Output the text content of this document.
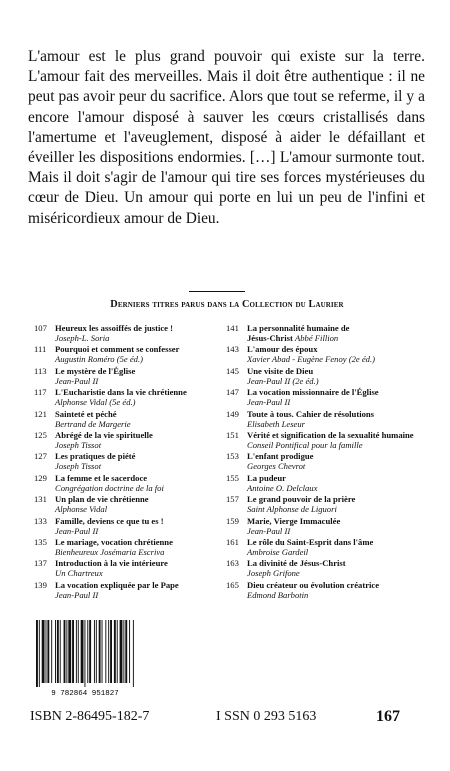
L'amour est le plus grand pouvoir qui existe sur la terre. L'amour fait des merveilles. Mais il doit être authentique : il ne peut pas avoir peur du sacrifice. Alors que tout se referme, il y a encore l'amour disposé à sauver les cœurs cristallisés dans l'amertume et l'aveuglement, disposé à aider le défaillant et éveiller les dispositions endormies. […] L'amour surmonte tout. Mais il doit s'agir de l'amour qui tire ses forces mystérieuses du cœur de Dieu. Un amour qui porte en lui un peu de l'infini et miséricordieux amour de Dieu.

Derniers titres parus dans la Collection du Laurier

107 Heureux les assoiffés de justice !
Joseph-L. Soria
111	Pourquoi et comment se confesser
Augustin Roméro (5e éd.)
113 Le mystère de l'Église
Jean-Paul II
117 L'Eucharistie dans la vie chrétienne
Alphonse Vidal (5e éd.)
121 Sainteté et péché
Bertrand de Margerie
125 Abrégé de la vie spirituelle
Joseph Tissot
127 Les pratiques de piété
Joseph Tissot
129 La femme et le sacerdoce
Congrégation doctrine de la foi
131 Un plan de vie chrétienne
Alphonse Vidal
133 Famille, deviens ce que tu es !
Jean-Paul II
135 Le mariage, vocation chrétienne
Bienheureux Josémaria Escriva
137 Introduction à la vie intérieure
Un Chartreux
139 La vocation expliquée par le Pape
Jean-Paul II
141 La personnalité humaine de
Jésus-Christ Abbé Fillion
143 L'amour des époux
Xavier Abad - Eugène Fenoy (2e éd.)
145 Une visite de Dieu
Jean-Paul II (2e éd.)
147 La vocation missionnaire de l'Église
Jean-Paul II
149 Toute à tous. Cahier de résolutions
Elisabeth Leseur
151 Vérité et signification de la sexualité humaine
Conseil Pontifical pour la famille
153 L'enfant prodigue
Georges Chevrot
155 La pudeur
Antoine O. Delclaux
157 Le grand pouvoir de la prière
Saint Alphonse de Liguori
159 Marie, Vierge Immaculée
Jean-Paul II
161 Le rôle du Saint-Esprit dans l'âme
Ambroise Gardeil
163 La divinité de Jésus-Christ
Joseph Grifone
165 Dieu créateur ou évolution créatrice
Edmond Barbotin
9 782864 951827
ISBN 2-86495-182-7	I SSN 0 293 5163	167
